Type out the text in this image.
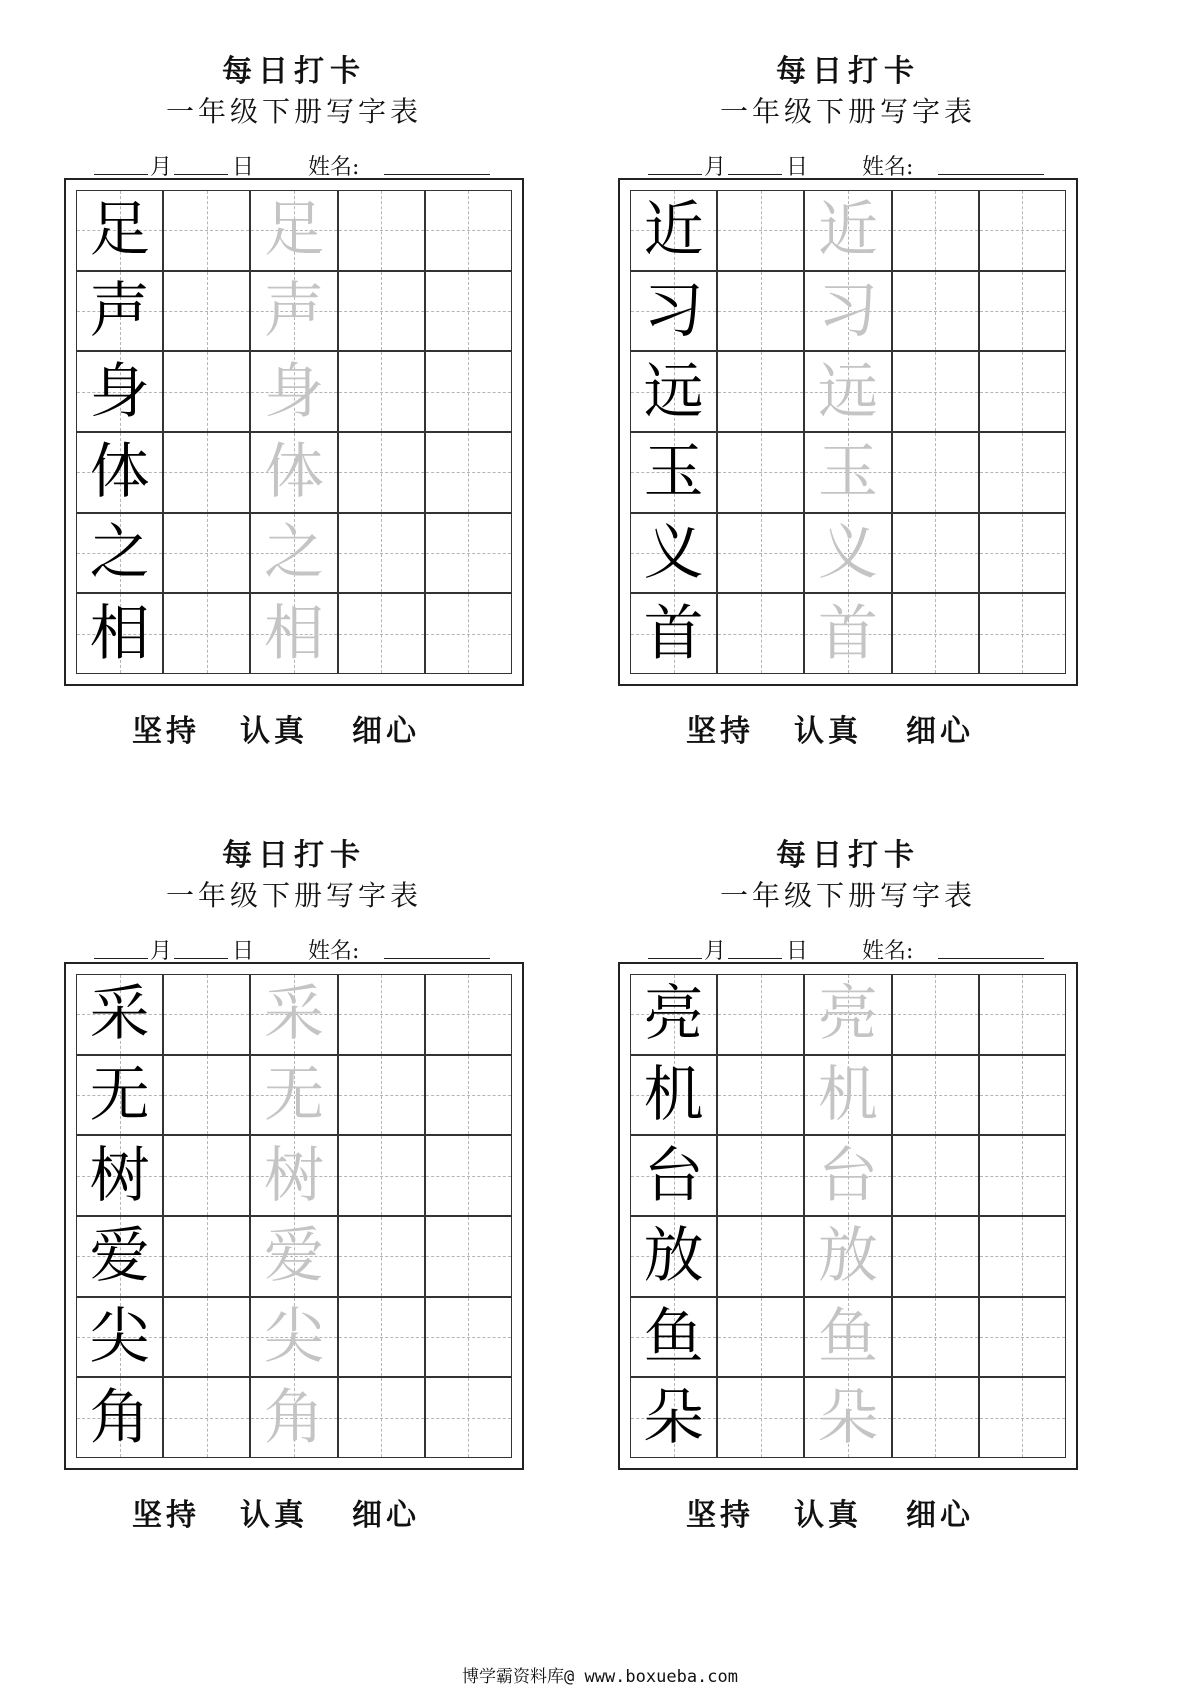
每日打卡
一年级下册写字表
月	日 姓名:
足 足
声 声
身 身
体 体
之 之
相 相
坚持 认真 细心
每日打卡
一年级下册写字表
月	日 姓名:
近 近
习 习
远 远
玉 玉
义 义
首 首
坚持 认真 细心
每日打卡
一年级下册写字表
月	日 姓名:
采 采
无 无
树 树
爱 爱
尖 尖
角 角
坚持 认真 细心
每日打卡
一年级下册写字表
月	日 姓名:
亮 亮
机 机
台 台
放 放
鱼 鱼
朵 朵
坚持 认真 细心
博学霸资料库@ www.boxueba.com
